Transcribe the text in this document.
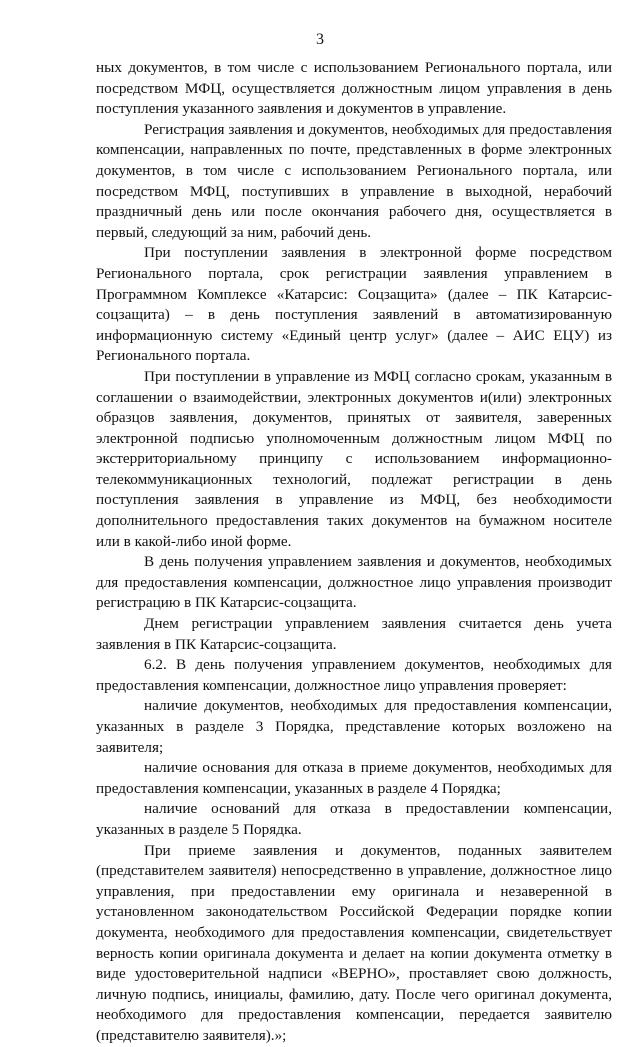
3

ных документов, в том числе с использованием Регионального портала, или посредством МФЦ, осуществляется должностным лицом управления в день поступления указанного заявления и документов в управление.

Регистрация заявления и документов, необходимых для предоставления компенсации, направленных по почте, представленных в форме электронных документов, в том числе с использованием Регионального портала, или посредством МФЦ, поступивших в управление в выходной, нерабочий праздничный день или после окончания рабочего дня, осуществляется в первый, следующий за ним, рабочий день.

При поступлении заявления в электронной форме посредством Регионального портала, срок регистрации заявления управлением в Программном Комплексе «Катарсис: Соцзащита» (далее – ПК Катарсис-соцзащита) – в день поступления заявлений в автоматизированную информационную систему «Единый центр услуг» (далее – АИС ЕЦУ) из Регионального портала.

При поступлении в управление из МФЦ согласно срокам, указанным в соглашении о взаимодействии, электронных документов и(или) электронных образцов заявления, документов, принятых от заявителя, заверенных электронной подписью уполномоченным должностным лицом МФЦ по экстерриториальному принципу с использованием информационно-телекоммуникационных технологий, подлежат регистрации в день поступления заявления в управление из МФЦ, без необходимости дополнительного предоставления таких документов на бумажном носителе или в какой-либо иной форме.

В день получения управлением заявления и документов, необходимых для предоставления компенсации, должностное лицо управления производит регистрацию в ПК Катарсис-соцзащита.

Днем регистрации управлением заявления считается день учета заявления в ПК Катарсис-соцзащита.

6.2. В день получения управлением документов, необходимых для предоставления компенсации, должностное лицо управления проверяет:

наличие документов, необходимых для предоставления компенсации, указанных в разделе 3 Порядка, представление которых возложено на заявителя;

наличие основания для отказа в приеме документов, необходимых для предоставления компенсации, указанных в разделе 4 Порядка;

наличие оснований для отказа в предоставлении компенсации, указанных в разделе 5 Порядка.

При приеме заявления и документов, поданных заявителем (представителем заявителя) непосредственно в управление, должностное лицо управления, при предоставлении ему оригинала и незаверенной в установленном законодательством Российской Федерации порядке копии документа, необходимого для предоставления компенсации, свидетельствует верность копии оригинала документа и делает на копии документа отметку в виде удостоверительной надписи «ВЕРНО», проставляет свою должность, личную подпись, инициалы, фамилию, дату. После чего оригинал документа, необходимого для предоставления компенсации, передается заявителю (представителю заявителя).»;
